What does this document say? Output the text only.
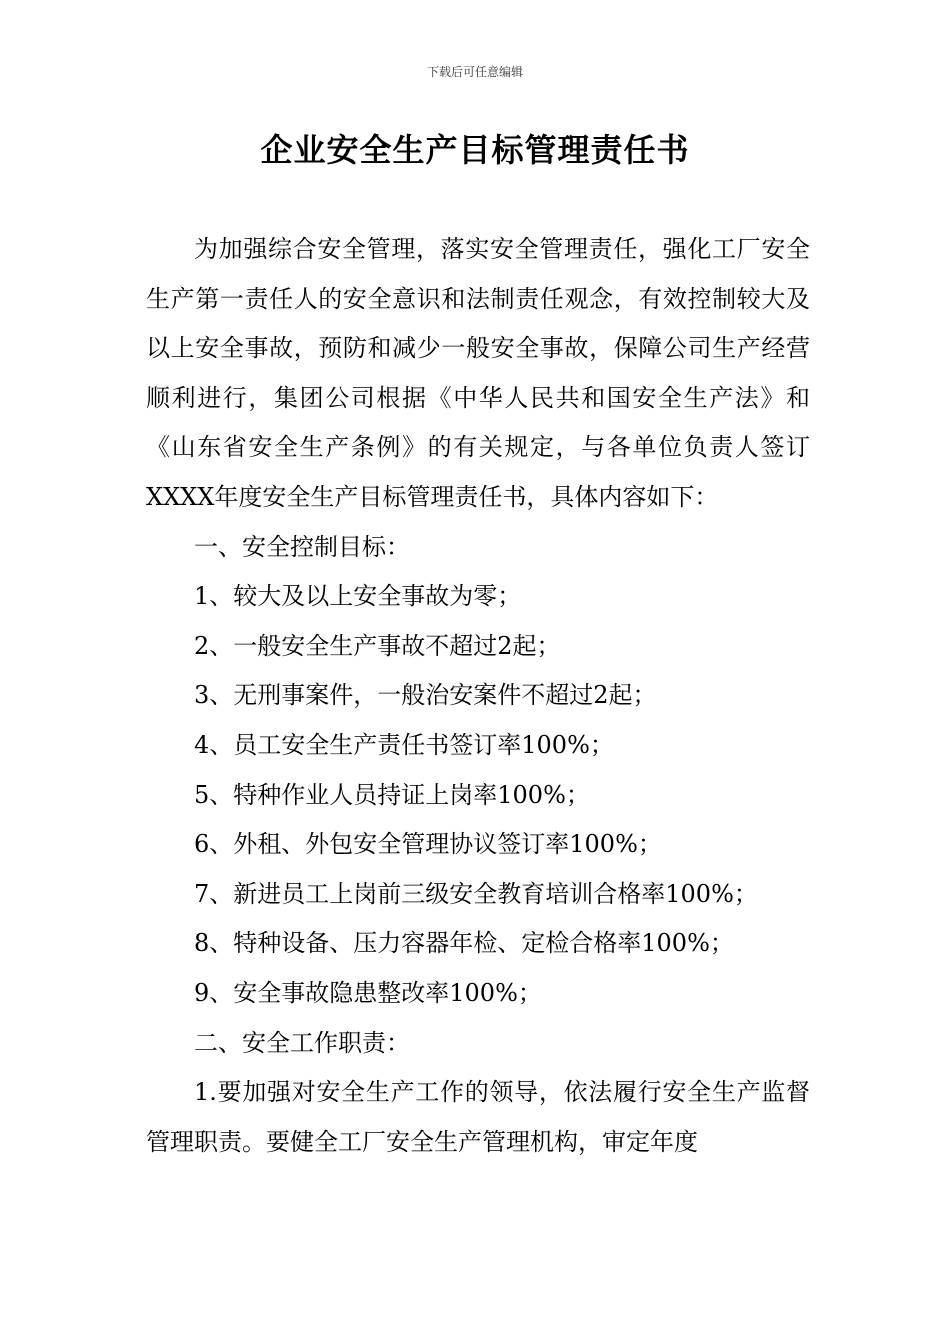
下载后可任意编辑
企业安全生产目标管理责任书

为加强综合安全管理，落实安全管理责任，强化工厂安全生产第一责任人的安全意识和法制责任观念，有效控制较大及以上安全事故，预防和减少一般安全事故，保障公司生产经营顺利进行，集团公司根据《中华人民共和国安全生产法》和《山东省安全生产条例》的有关规定，与各单位负责人签订XXXX年度安全生产目标管理责任书，具体内容如下：

一、安全控制目标：

1、较大及以上安全事故为零；

2、一般安全生产事故不超过2起；

3、无刑事案件，一般治安案件不超过2起；

4、员工安全生产责任书签订率100%；

5、特种作业人员持证上岗率100%；

6、外租、外包安全管理协议签订率100%；

7、新进员工上岗前三级安全教育培训合格率100%；

8、特种设备、压力容器年检、定检合格率100%；

9、安全事故隐患整改率100%；

二、安全工作职责：

1.要加强对安全生产工作的领导，依法履行安全生产监督管理职责。要健全工厂安全生产管理机构，审定年度
